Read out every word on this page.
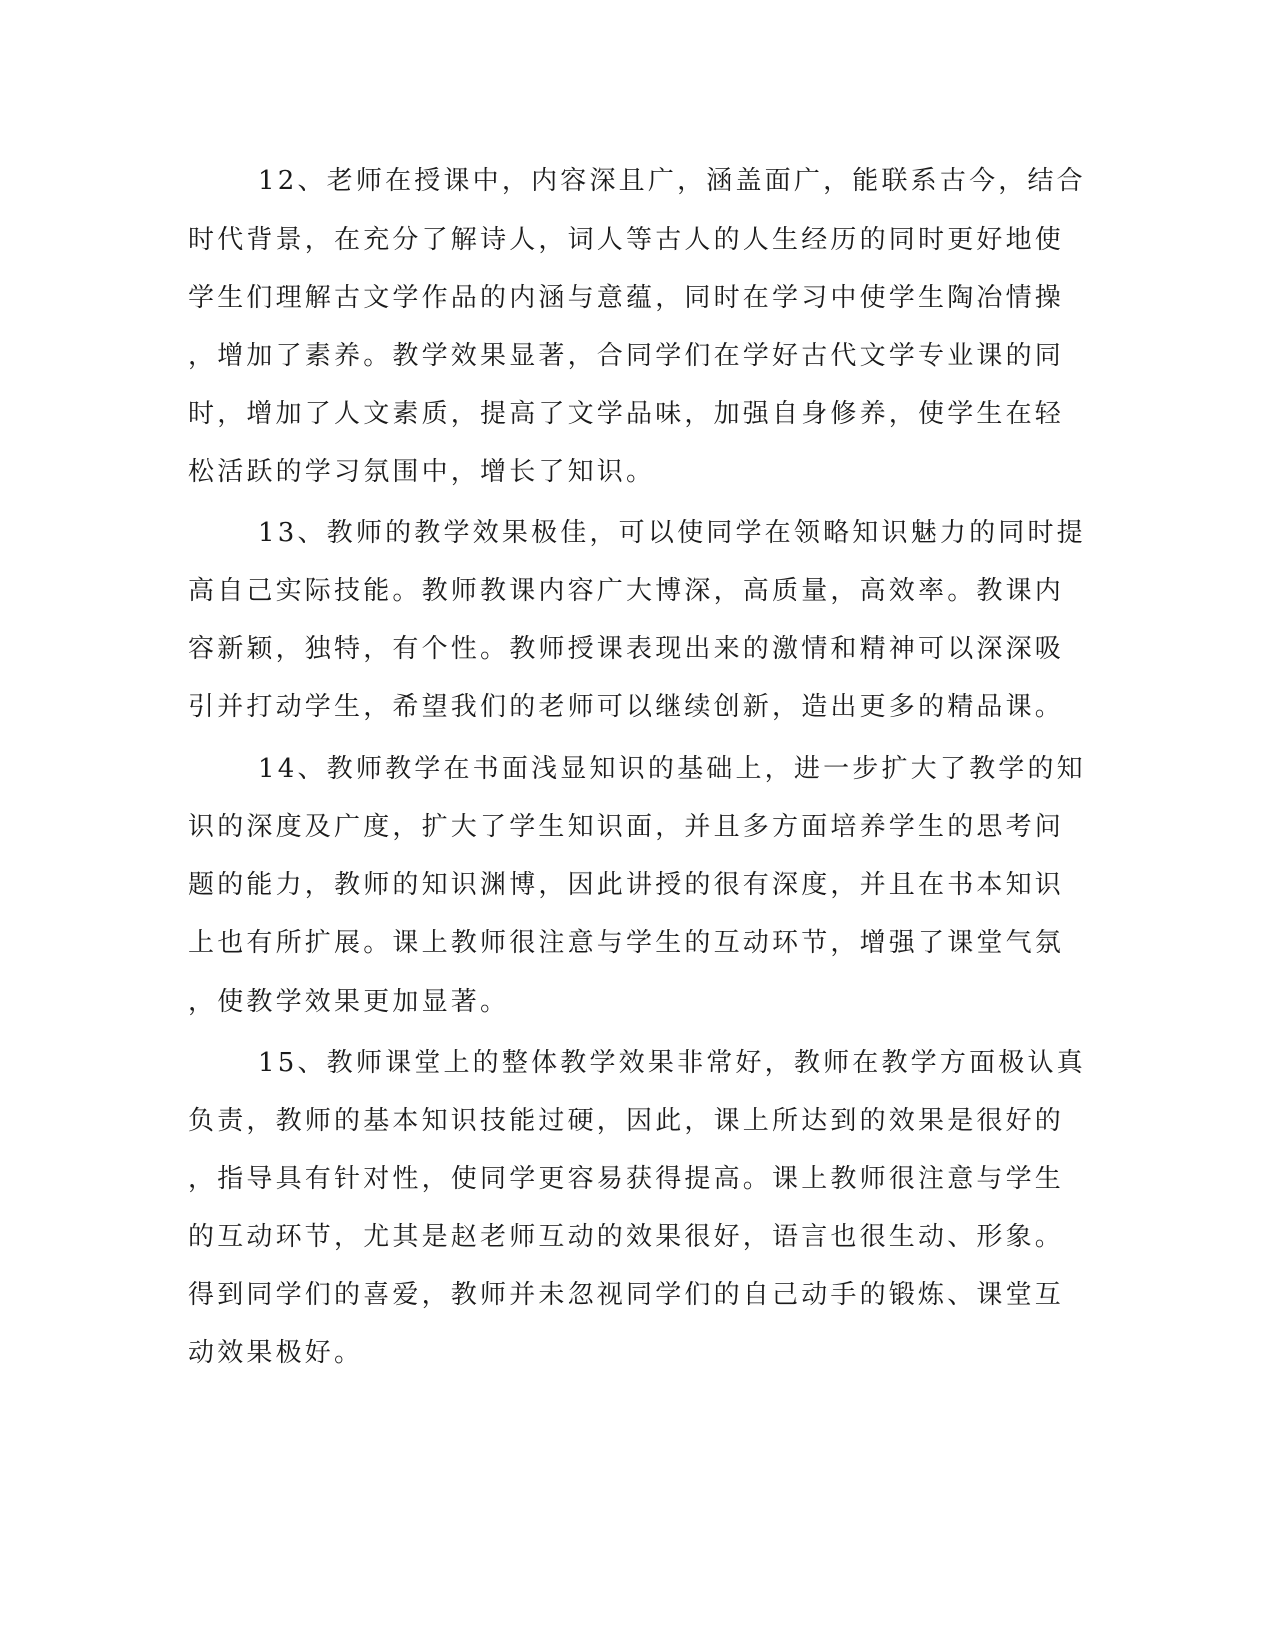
12、老师在授课中，内容深且广，涵盖面广，能联系古今，结合
时代背景，在充分了解诗人，词人等古人的人生经历的同时更好地使
学生们理解古文学作品的内涵与意蕴，同时在学习中使学生陶冶情操
，增加了素养。教学效果显著，合同学们在学好古代文学专业课的同
时，增加了人文素质，提高了文学品味，加强自身修养，使学生在轻
松活跃的学习氛围中，增长了知识。
13、教师的教学效果极佳，可以使同学在领略知识魅力的同时提
高自己实际技能。教师教课内容广大博深，高质量，高效率。教课内
容新颖，独特，有个性。教师授课表现出来的激情和精神可以深深吸
引并打动学生，希望我们的老师可以继续创新，造出更多的精品课。
14、教师教学在书面浅显知识的基础上，进一步扩大了教学的知
识的深度及广度，扩大了学生知识面，并且多方面培养学生的思考问
题的能力，教师的知识渊博，因此讲授的很有深度，并且在书本知识
上也有所扩展。课上教师很注意与学生的互动环节，增强了课堂气氛
，使教学效果更加显著。
15、教师课堂上的整体教学效果非常好，教师在教学方面极认真
负责，教师的基本知识技能过硬，因此，课上所达到的效果是很好的
，指导具有针对性，使同学更容易获得提高。课上教师很注意与学生
的互动环节，尤其是赵老师互动的效果很好，语言也很生动、形象。
得到同学们的喜爱，教师并未忽视同学们的自己动手的锻炼、课堂互
动效果极好。
